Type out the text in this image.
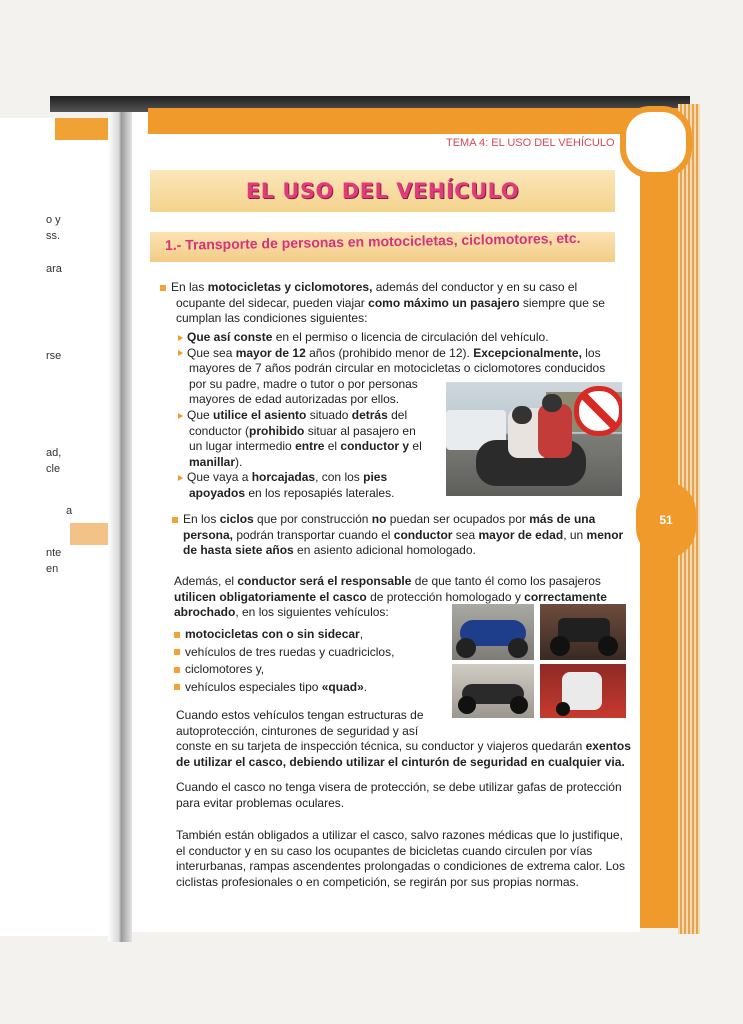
o y
ss.
ara
rse
ad,
cle
a
nte
en
51
TEMA 4: EL USO DEL VEHÍCULO
EL USO DEL VEHÍCULO
1.- Transporte de personas en motocicletas, ciclomotores, etc.
En las motocicletas y ciclomotores, además del conductor y en su caso el
ocupante del sidecar, pueden viajar como máximo un pasajero siempre que se
cumplan las condiciones siguientes:
Que así conste en el permiso o licencia de circulación del vehículo.
Que sea mayor de 12 años (prohibido menor de 12). Excepcionalmente, los
mayores de 7 años podrán circular en motocicletas o ciclomotores conducidos
por su padre, madre o tutor o por personas
mayores de edad autorizadas por ellos.
Que utilice el asiento situado detrás del
conductor (prohibido situar al pasajero en
un lugar intermedio entre el conductor y el
manillar).
Que vaya a horcajadas, con los pies
apoyados en los reposapiés laterales.
En los ciclos que por construcción no puedan ser ocupados por más de una
persona, podrán transportar cuando el conductor sea mayor de edad, un menor
de hasta siete años en asiento adicional homologado.
Además, el conductor será el responsable de que tanto él como los pasajeros
utilicen obligatoriamente el casco de protección homologado y correctamente
abrochado, en los siguientes vehículos:
motocicletas con o sin sidecar,
vehículos de tres ruedas y cuadriciclos,
ciclomotores y,
vehículos especiales tipo «quad».
Cuando estos vehículos tengan estructuras de
autoprotección, cinturones de seguridad y así
conste en su tarjeta de inspección técnica, su conductor y viajeros quedarán exentos
de utilizar el casco, debiendo utilizar el cinturón de seguridad en cualquier via.
Cuando el casco no tenga visera de protección, se debe utilizar gafas de protección
para evitar problemas oculares.
También están obligados a utilizar el casco, salvo razones médicas que lo justifique,
el conductor y en su caso los ocupantes de bicicletas cuando circulen por vías
interurbanas, rampas ascendentes prolongadas o condiciones de extrema calor. Los
ciclistas profesionales o en competición, se regirán por sus propias normas.
